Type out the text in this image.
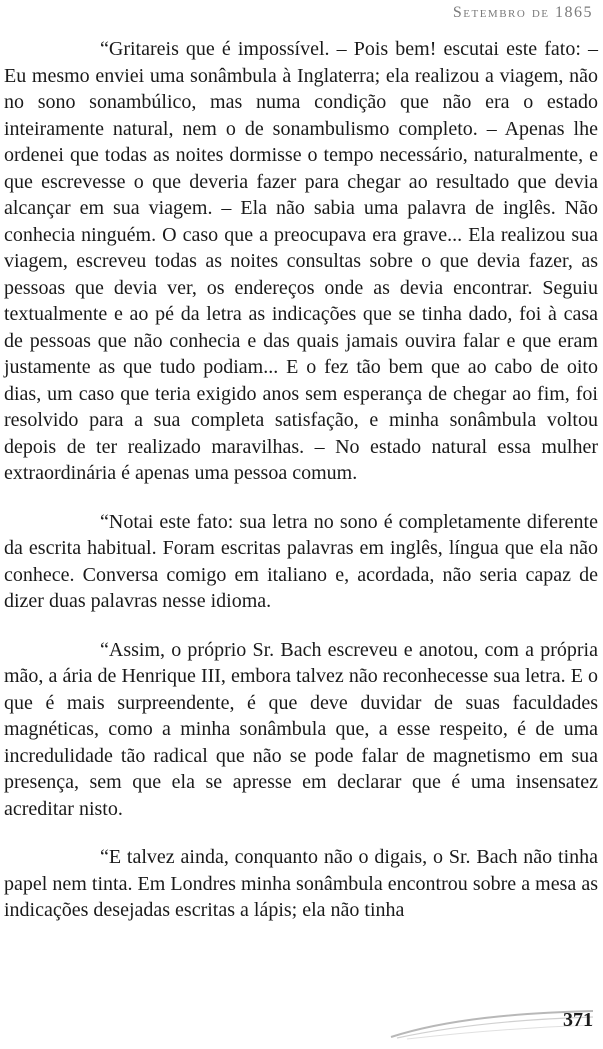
Setembro de 1865

“Gritareis que é impossível. – Pois bem! escutai este fato: – Eu mesmo enviei uma sonâmbula à Inglaterra; ela realizou a viagem, não no sono sonambúlico, mas numa condição que não era o estado inteiramente natural, nem o de sonambulismo completo. – Apenas lhe ordenei que todas as noites dormisse o tempo necessário, naturalmente, e que escrevesse o que deveria fazer para chegar ao resultado que devia alcançar em sua viagem. – Ela não sabia uma palavra de inglês. Não conhecia ninguém. O caso que a preocupava era grave... Ela realizou sua viagem, escreveu todas as noites consultas sobre o que devia fazer, as pessoas que devia ver, os endereços onde as devia encontrar. Seguiu textualmente e ao pé da letra as indicações que se tinha dado, foi à casa de pessoas que não conhecia e das quais jamais ouvira falar e que eram justamente as que tudo podiam... E o fez tão bem que ao cabo de oito dias, um caso que teria exigido anos sem esperança de chegar ao fim, foi resolvido para a sua completa satisfação, e minha sonâmbula voltou depois de ter realizado maravilhas. – No estado natural essa mulher extraordinária é apenas uma pessoa comum.

“Notai este fato: sua letra no sono é completamente diferente da escrita habitual. Foram escritas palavras em inglês, língua que ela não conhece. Conversa comigo em italiano e, acordada, não seria capaz de dizer duas palavras nesse idioma.

“Assim, o próprio Sr. Bach escreveu e anotou, com a própria mão, a ária de Henrique III, embora talvez não reconhecesse sua letra. E o que é mais surpreendente, é que deve duvidar de suas faculdades magnéticas, como a minha sonâmbula que, a esse respeito, é de uma incredulidade tão radical que não se pode falar de magnetismo em sua presença, sem que ela se apresse em declarar que é uma insensatez acreditar nisto.

“E talvez ainda, conquanto não o digais, o Sr. Bach não tinha papel nem tinta. Em Londres minha sonâmbula encontrou sobre a mesa as indicações desejadas escritas a lápis; ela não tinha

371
